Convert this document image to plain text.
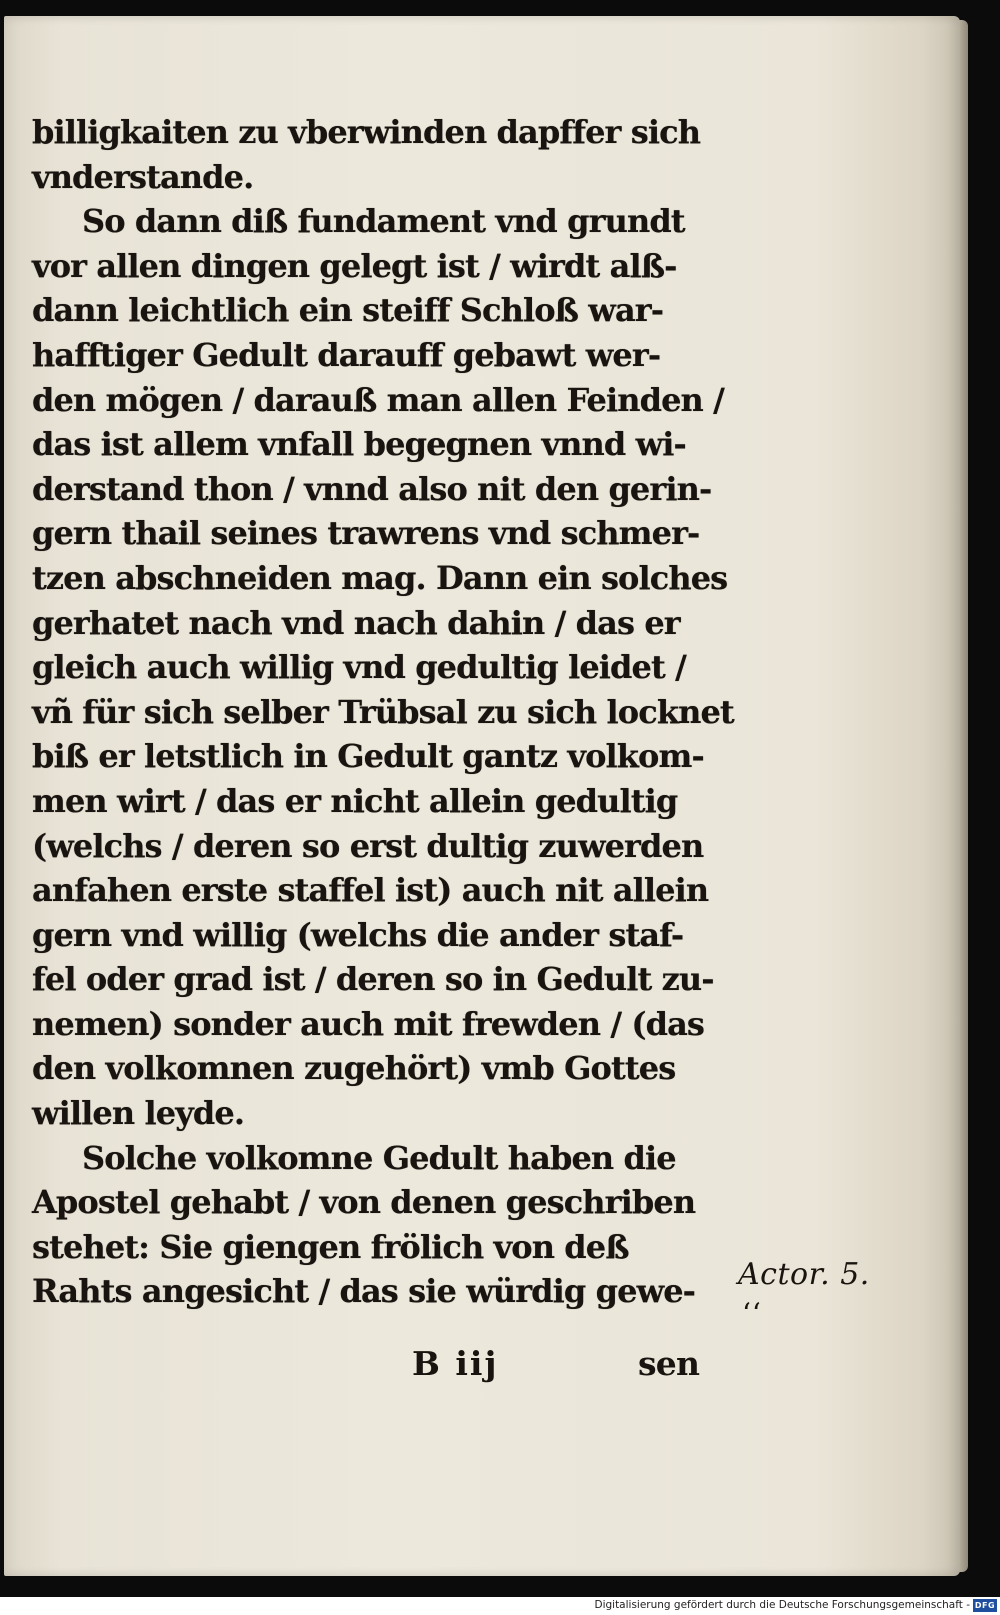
billigkaiten zu vberwinden dapffer sich
vnderstande.
So dann diß fundament vnd grundt
vor allen dingen gelegt ist / wirdt alß-
dann leichtlich ein steiff Schloß war-
hafftiger Gedult darauff gebawt wer-
den mögen / darauß man allen Feinden /
das ist allem vnfall begegnen vnnd wi-
derstand thon / vnnd also nit den gerin-
gern thail seines trawrens vnd schmer-
tzen abschneiden mag. Dann ein solches
gerhatet nach vnd nach dahin / das er
gleich auch willig vnd gedultig leidet /
vñ für sich selber Trübsal zu sich locknet
biß er letstlich in Gedult gantz volkom-
men wirt / das er nicht allein gedultig
(welchs / deren so erst dultig zuwerden
anfahen erste staffel ist) auch nit allein
gern vnd willig (welchs die ander staf-
fel oder grad ist / deren so in Gedult zu-
nemen) sonder auch mit frewden / (das
den volkomnen zugehört) vmb Gottes
willen leyde.
Solche volkomne Gedult haben die
Apostel gehabt / von denen geschriben
stehet: Sie giengen frölich von deß
Rahts angesicht / das sie würdig gewe-	Actor. 5.
‘‘
B iij	sen
Digitalisierung gefördert durch die Deutsche Forschungsgemeinschaft - DFG
